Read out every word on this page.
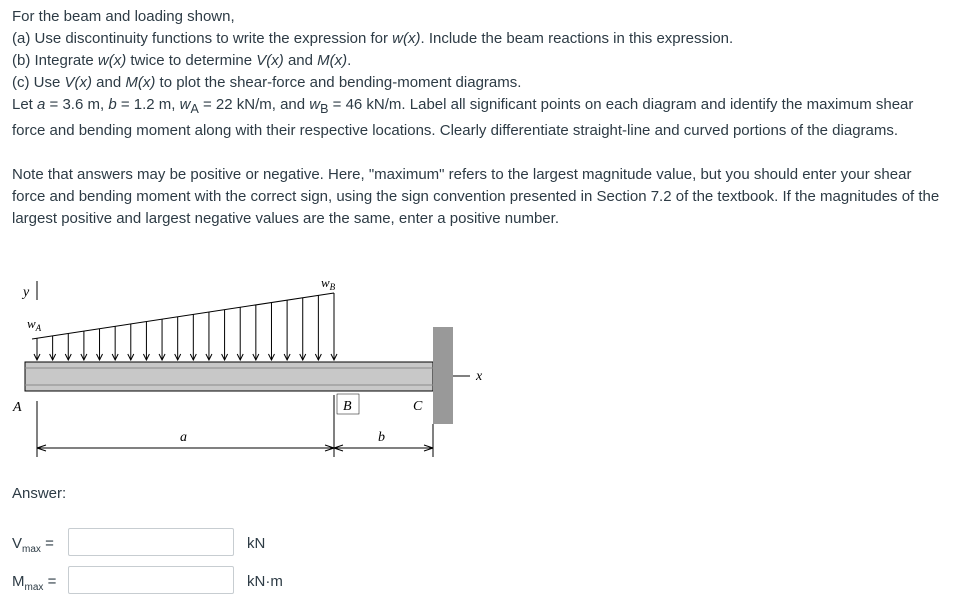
For the beam and loading shown,

(a) Use discontinuity functions to write the expression for w(x). Include the beam reactions in this expression.

(b) Integrate w(x) twice to determine V(x) and M(x).

(c) Use V(x) and M(x) to plot the shear-force and bending-moment diagrams.

Let a = 3.6 m, b = 1.2 m, $w_A = 22$ kN/m, and $w_B = 46$ kN/m. Label all significant points on each diagram and identify the maximum shear force and bending moment along with their respective locations. Clearly differentiate straight-line and curved portions of the diagrams.

Note that answers may be positive or negative. Here, "maximum" refers to the largest magnitude value, but you should enter your shear force and bending moment with the correct sign, using the sign convention presented in Section 7.2 of the textbook. If the magnitudes of the largest positive and largest negative values are the same, enter a positive number.

y
$w_A$
$w_B$
x
A	B	C
a	b
Answer:
$V_{max}$ =	kN
$M_{max}$ =	kN·m
